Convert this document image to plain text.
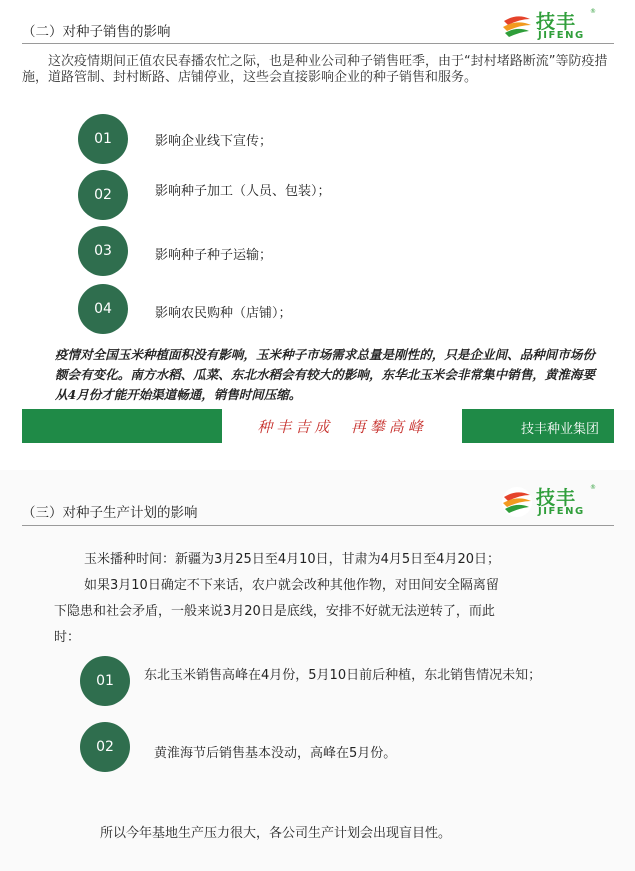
（二）对种子销售的影响	技丰 ®
JIFENG
这次疫情期间正值农民春播农忙之际，也是种业公司种子销售旺季，由于“封村堵路断流”等防疫措施，道路管制、封村断路、店铺停业，这些会直接影响企业的种子销售和服务。
01	影响企业线下宣传；
02	影响种子加工（人员、包装）；
03	影响种子种子运输；
04	影响农民购种（店铺）；
疫情对全国玉米种植面积没有影响，玉米种子市场需求总量是刚性的，只是企业间、品种间市场份额会有变化。南方水稻、瓜菜、东北水稻会有较大的影响，东华北玉米会非常集中销售，黄淮海要从4月份才能开始渠道畅通，销售时间压缩。
种丰吉成  再攀高峰	技丰种业集团
技丰 ®
JIFENG
（三）对种子生产计划的影响
玉米播种时间：新疆为3月25日至4月10日，甘肃为4月5日至4月20日；
如果3月10日确定不下来话，农户就会改种其他作物，对田间安全隔离留
下隐患和社会矛盾，一般来说3月20日是底线，安排不好就无法逆转了，而此
时：
01	东北玉米销售高峰在4月份，5月10日前后种植，东北销售情况未知；
02	黄淮海节后销售基本没动，高峰在5月份。
所以今年基地生产压力很大，各公司生产计划会出现盲目性。
